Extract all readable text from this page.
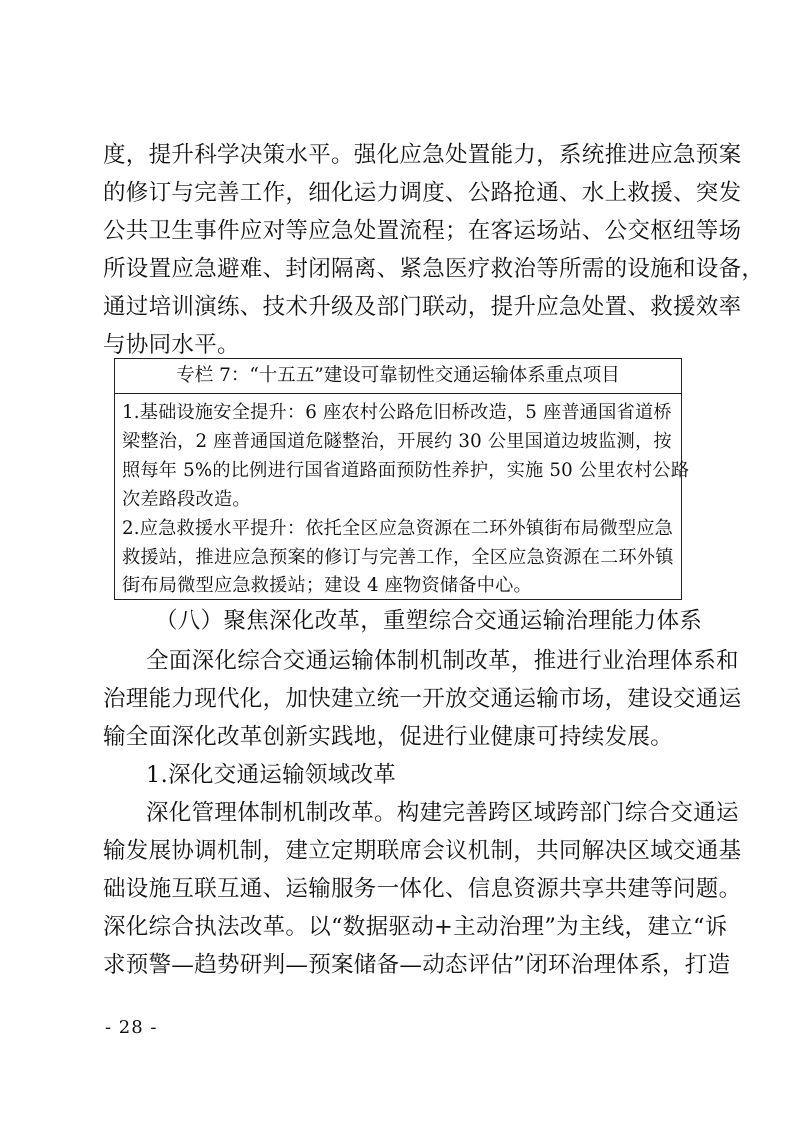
度，提升科学决策水平。强化应急处置能力，系统推进应急预案
的修订与完善工作，细化运力调度、公路抢通、水上救援、突发
公共卫生事件应对等应急处置流程；在客运场站、公交枢纽等场
所设置应急避难、封闭隔离、紧急医疗救治等所需的设施和设备，
通过培训演练、技术升级及部门联动，提升应急处置、救援效率
与协同水平。
专栏 7：“十五五”建设可靠韧性交通运输体系重点项目
1.基础设施安全提升：6 座农村公路危旧桥改造，5 座普通国省道桥
梁整治，2 座普通国道危隧整治，开展约 30 公里国道边坡监测，按
照每年 5%的比例进行国省道路面预防性养护，实施 50 公里农村公路
次差路段改造。
2.应急救援水平提升：依托全区应急资源在二环外镇街布局微型应急
救援站，推进应急预案的修订与完善工作，全区应急资源在二环外镇
街布局微型应急救援站；建设 4 座物资储备中心。
（八）聚焦深化改革，重塑综合交通运输治理能力体系
全面深化综合交通运输体制机制改革，推进行业治理体系和
治理能力现代化，加快建立统一开放交通运输市场，建设交通运
输全面深化改革创新实践地，促进行业健康可持续发展。
1.深化交通运输领域改革
深化管理体制机制改革。构建完善跨区域跨部门综合交通运
输发展协调机制，建立定期联席会议机制，共同解决区域交通基
础设施互联互通、运输服务一体化、信息资源共享共建等问题。
深化综合执法改革。以“数据驱动+主动治理”为主线，建立“诉
求预警—趋势研判—预案储备—动态评估”闭环治理体系，打造
- 28 -
